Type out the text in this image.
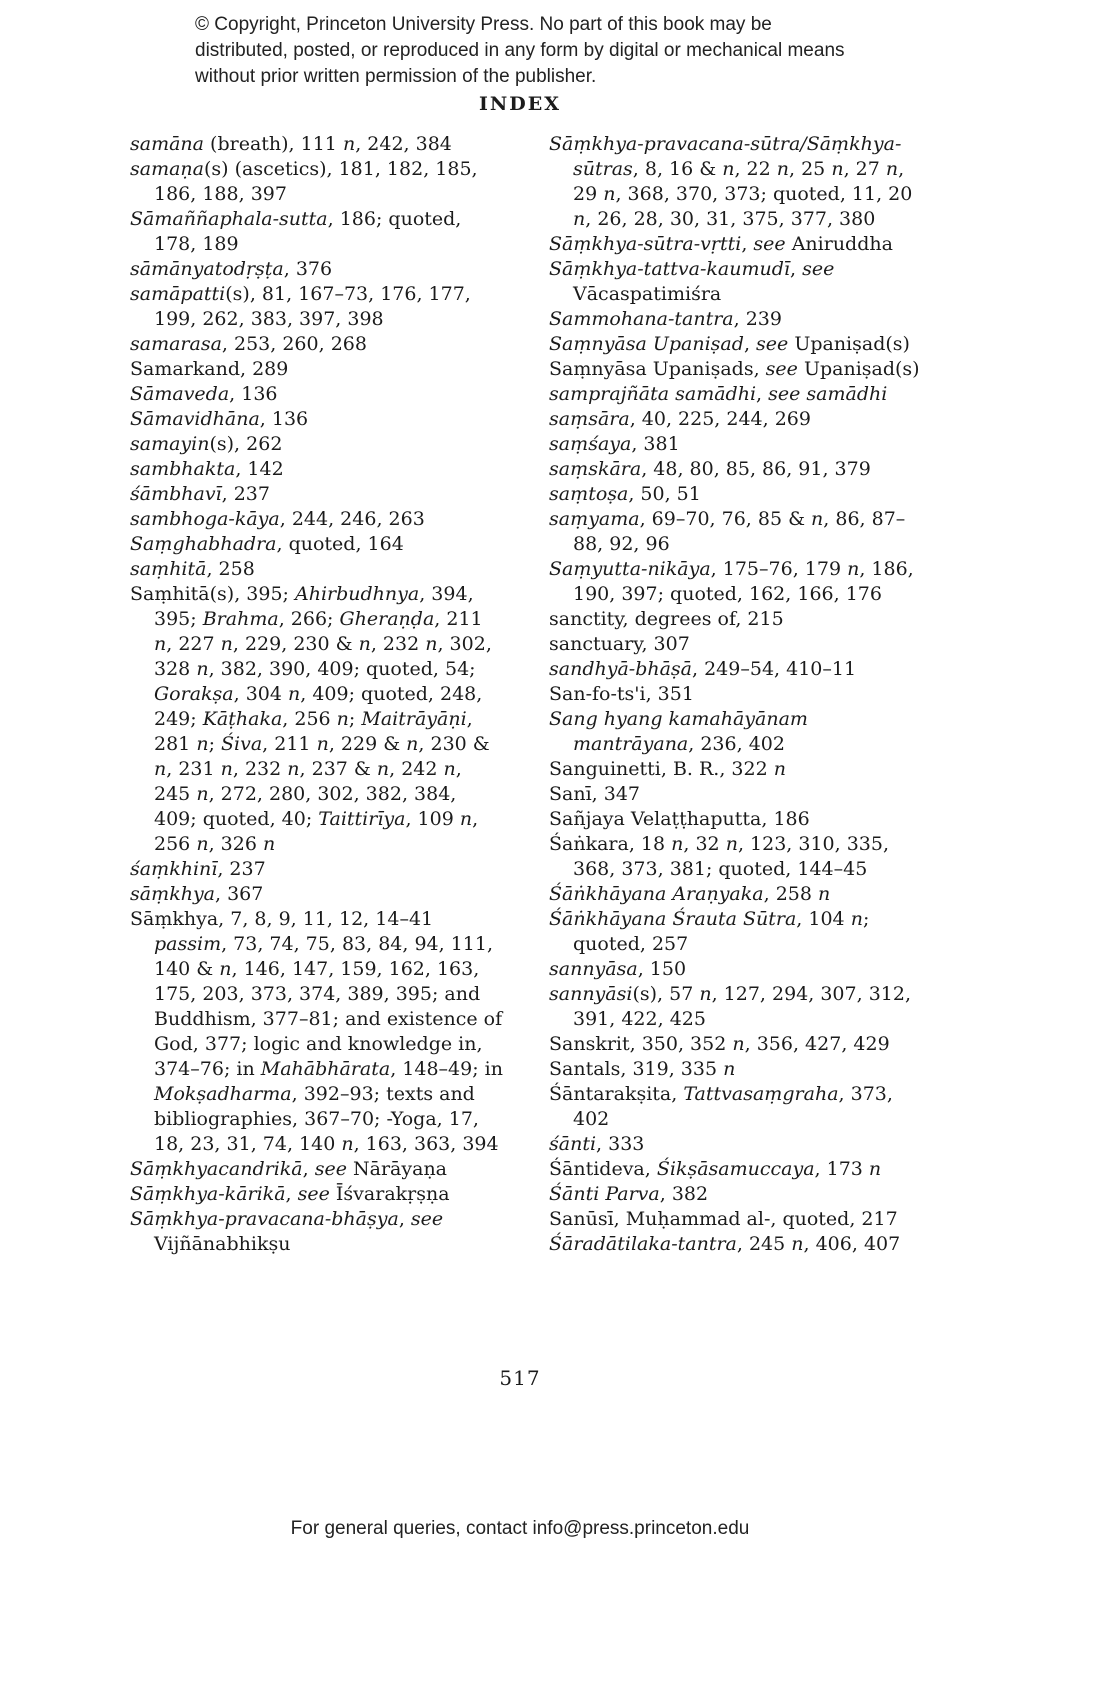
© Copyright, Princeton University Press. No part of this book may be distributed, posted, or reproduced in any form by digital or mechanical means without prior written permission of the publisher.
INDEX
samāna (breath), 111 n, 242, 384
samaṇa(s) (ascetics), 181, 182, 185, 186, 188, 397
Sāmaññaphala-sutta, 186; quoted, 178, 189
sāmānyatodṛṣṭa, 376
samāpatti(s), 81, 167–73, 176, 177, 199, 262, 383, 397, 398
samarasa, 253, 260, 268
Samarkand, 289
Sāmaveda, 136
Sāmavidhāna, 136
samayin(s), 262
sambhakta, 142
śāmbhavī, 237
sambhoga-kāya, 244, 246, 263
Saṃghabhadra, quoted, 164
saṃhitā, 258
Saṃhitā(s), 395; Ahirbudhnya, 394, 395; Brahma, 266; Gheraṇḍa, 211 n, 227 n, 229, 230 & n, 232 n, 302, 328 n, 382, 390, 409; quoted, 54; Gorakṣa, 304 n, 409; quoted, 248, 249; Kāṭhaka, 256 n; Maitrāyāṇi, 281 n; Śiva, 211 n, 229 & n, 230 & n, 231 n, 232 n, 237 & n, 242 n, 245 n, 272, 280, 302, 382, 384, 409; quoted, 40; Taittirīya, 109 n, 256 n, 326 n
śaṃkhinī, 237
sāṃkhya, 367
Sāṃkhya, 7, 8, 9, 11, 12, 14–41 passim, 73, 74, 75, 83, 84, 94, 111, 140 & n, 146, 147, 159, 162, 163, 175, 203, 373, 374, 389, 395; and Buddhism, 377–81; and existence of God, 377; logic and knowledge in, 374–76; in Mahābhārata, 148–49; in Mokṣadharma, 392–93; texts and bibliographies, 367–70; -Yoga, 17, 18, 23, 31, 74, 140 n, 163, 363, 394
Sāṃkhyacandrikā, see Nārāyaṇa
Sāṃkhya-kārikā, see Īśvarakṛṣṇa
Sāṃkhya-pravacana-bhāṣya, see Vijñānabhikṣu
Sāṃkhya-pravacana-sūtra/Sāṃkhya-sūtras, 8, 16 & n, 22 n, 25 n, 27 n, 29 n, 368, 370, 373; quoted, 11, 20 n, 26, 28, 30, 31, 375, 377, 380
Sāṃkhya-sūtra-vṛtti, see Aniruddha
Sāṃkhya-tattva-kaumudī, see Vācaspatimiśra
Sammohana-tantra, 239
Saṃnyāsa Upaniṣad, see Upaniṣad(s)
Saṃnyāsa Upaniṣads, see Upaniṣad(s)
samprajñāta samādhi, see samādhi
saṃsāra, 40, 225, 244, 269
saṃśaya, 381
saṃskāra, 48, 80, 85, 86, 91, 379
saṃtoṣa, 50, 51
saṃyama, 69–70, 76, 85 & n, 86, 87–88, 92, 96
Saṃyutta-nikāya, 175–76, 179 n, 186, 190, 397; quoted, 162, 166, 176
sanctity, degrees of, 215
sanctuary, 307
sandhyā-bhāṣā, 249–54, 410–11
San-fo-ts'i, 351
Sang hyang kamahāyānam mantrāyana, 236, 402
Sanguinetti, B. R., 322 n
Sanī, 347
Sañjaya Velaṭṭhaputta, 186
Śaṅkara, 18 n, 32 n, 123, 310, 335, 368, 373, 381; quoted, 144–45
Śāṅkhāyana Araṇyaka, 258 n
Śāṅkhāyana Śrauta Sūtra, 104 n; quoted, 257
sannyāsa, 150
sannyāsi(s), 57 n, 127, 294, 307, 312, 391, 422, 425
Sanskrit, 350, 352 n, 356, 427, 429
Santals, 319, 335 n
Śāntarakṣita, Tattvasaṃgraha, 373, 402
śānti, 333
Śāntideva, Śikṣāsamuccaya, 173 n
Śānti Parva, 382
Sanūsī, Muḥammad al-, quoted, 217
Śāradātilaka-tantra, 245 n, 406, 407
517
For general queries, contact info@press.princeton.edu
